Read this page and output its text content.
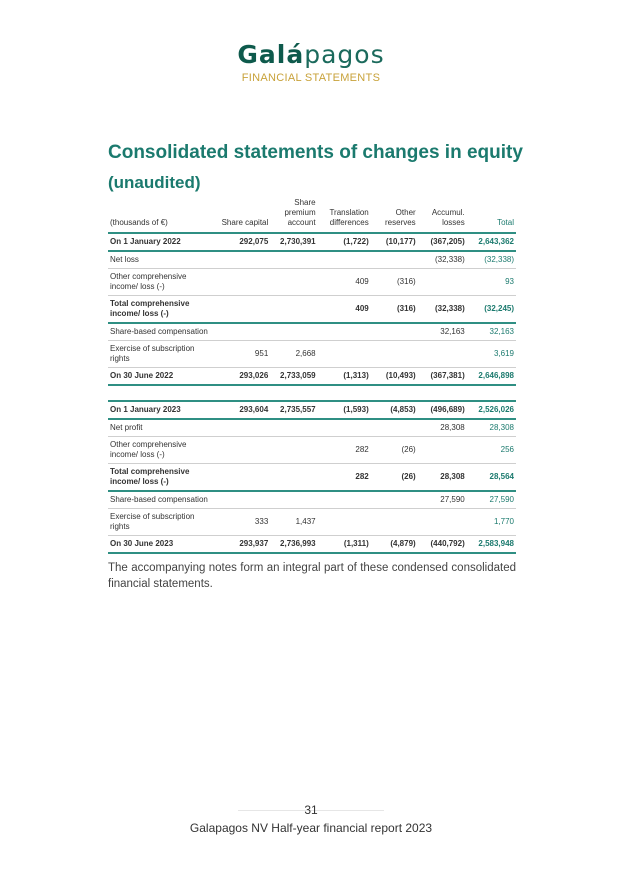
Galápagos
FINANCIAL STATEMENTS
Consolidated statements of changes in equity
(unaudited)
(thousands of €)	Share capital	Share premium account	Translation differences	Other reserves	Accumul. losses	Total
On 1 January 2022	292,075	2,730,391	(1,722)	(10,177)	(367,205)	2,643,362
Net loss					(32,338)	(32,338)
Other comprehensive income/ loss (-)			409	(316)		93
Total comprehensive income/ loss (-)			409	(316)	(32,338)	(32,245)
Share-based compensation					32,163	32,163
Exercise of subscription rights	951	2,668				3,619
On 30 June 2022	293,026	2,733,059	(1,313)	(10,493)	(367,381)	2,646,898

On 1 January 2023	293,604	2,735,557	(1,593)	(4,853)	(496,689)	2,526,026
Net profit					28,308	28,308
Other comprehensive income/ loss (-)			282	(26)		256
Total comprehensive income/ loss (-)			282	(26)	28,308	28,564
Share-based compensation					27,590	27,590
Exercise of subscription rights	333	1,437				1,770
On 30 June 2023	293,937	2,736,993	(1,311)	(4,879)	(440,792)	2,583,948
The accompanying notes form an integral part of these condensed consolidated financial statements.
31
Galapagos NV Half-year financial report 2023
